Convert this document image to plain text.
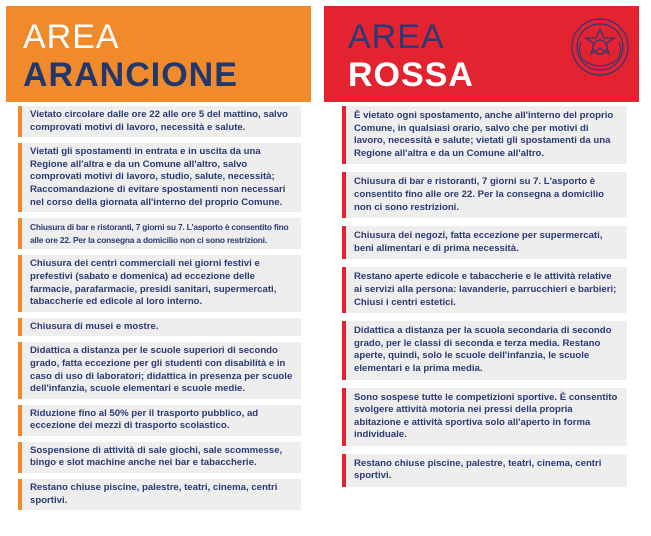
AREA
ARANCIONE
Vietato circolare dalle ore 22 alle ore 5 del mattino, salvo comprovati motivi di lavoro, necessità e salute.
Vietati gli spostamenti in entrata e in uscita da una Regione all'altra e da un Comune all'altro, salvo comprovati motivi di lavoro, studio, salute, necessità; Raccomandazione di evitare spostamenti non necessari nel corso della giornata all'interno del proprio Comune.
Chiusura di bar e ristoranti, 7 giorni su 7. L'asporto è consentito fino alle ore 22. Per la consegna a domicilio non ci sono restrizioni.
Chiusura dei centri commerciali nei giorni festivi e prefestivi (sabato e domenica) ad eccezione delle farmacie, parafarmacie, presidi sanitari, supermercati, tabaccherie ed edicole al loro interno.
Chiusura di musei e mostre.
Didattica a distanza per le scuole superiori di secondo grado, fatta eccezione per gli studenti con disabilità e in caso di uso di laboratori; didattica in presenza per scuole dell'infanzia, scuole elementari e scuole medie.
Riduzione fino al 50% per il trasporto pubblico, ad eccezione dei mezzi di trasporto scolastico.
Sospensione di attività di sale giochi, sale scommesse, bingo e slot machine anche nei bar e tabaccherie.
Restano chiuse piscine, palestre, teatri, cinema, centri sportivi.
AREA
ROSSA
È vietato ogni spostamento, anche all'interno del proprio Comune, in qualsiasi orario, salvo che per motivi di lavoro, necessità e salute; vietati gli spostamenti da una Regione all'altra e da un Comune all'altro.
Chiusura di bar e ristoranti, 7 giorni su 7. L'asporto è consentito fino alle ore 22. Per la consegna a domicilio non ci sono restrizioni.
Chiusura dei negozi, fatta eccezione per supermercati, beni alimentari e di prima necessità.
Restano aperte edicole e tabaccherie e le attività relative ai servizi alla persona: lavanderie, parrucchieri e barbieri; Chiusi i centri estetici.
Didattica a distanza per la scuola secondaria di secondo grado, per le classi di seconda e terza media. Restano aperte, quindi, solo le scuole dell'infanzia, le scuole elementari e la prima media.
Sono sospese tutte le competizioni sportive. È consentito svolgere attività motoria nei pressi della propria abitazione e attività sportiva solo all'aperto in forma individuale.
Restano chiuse piscine, palestre, teatri, cinema, centri sportivi.
